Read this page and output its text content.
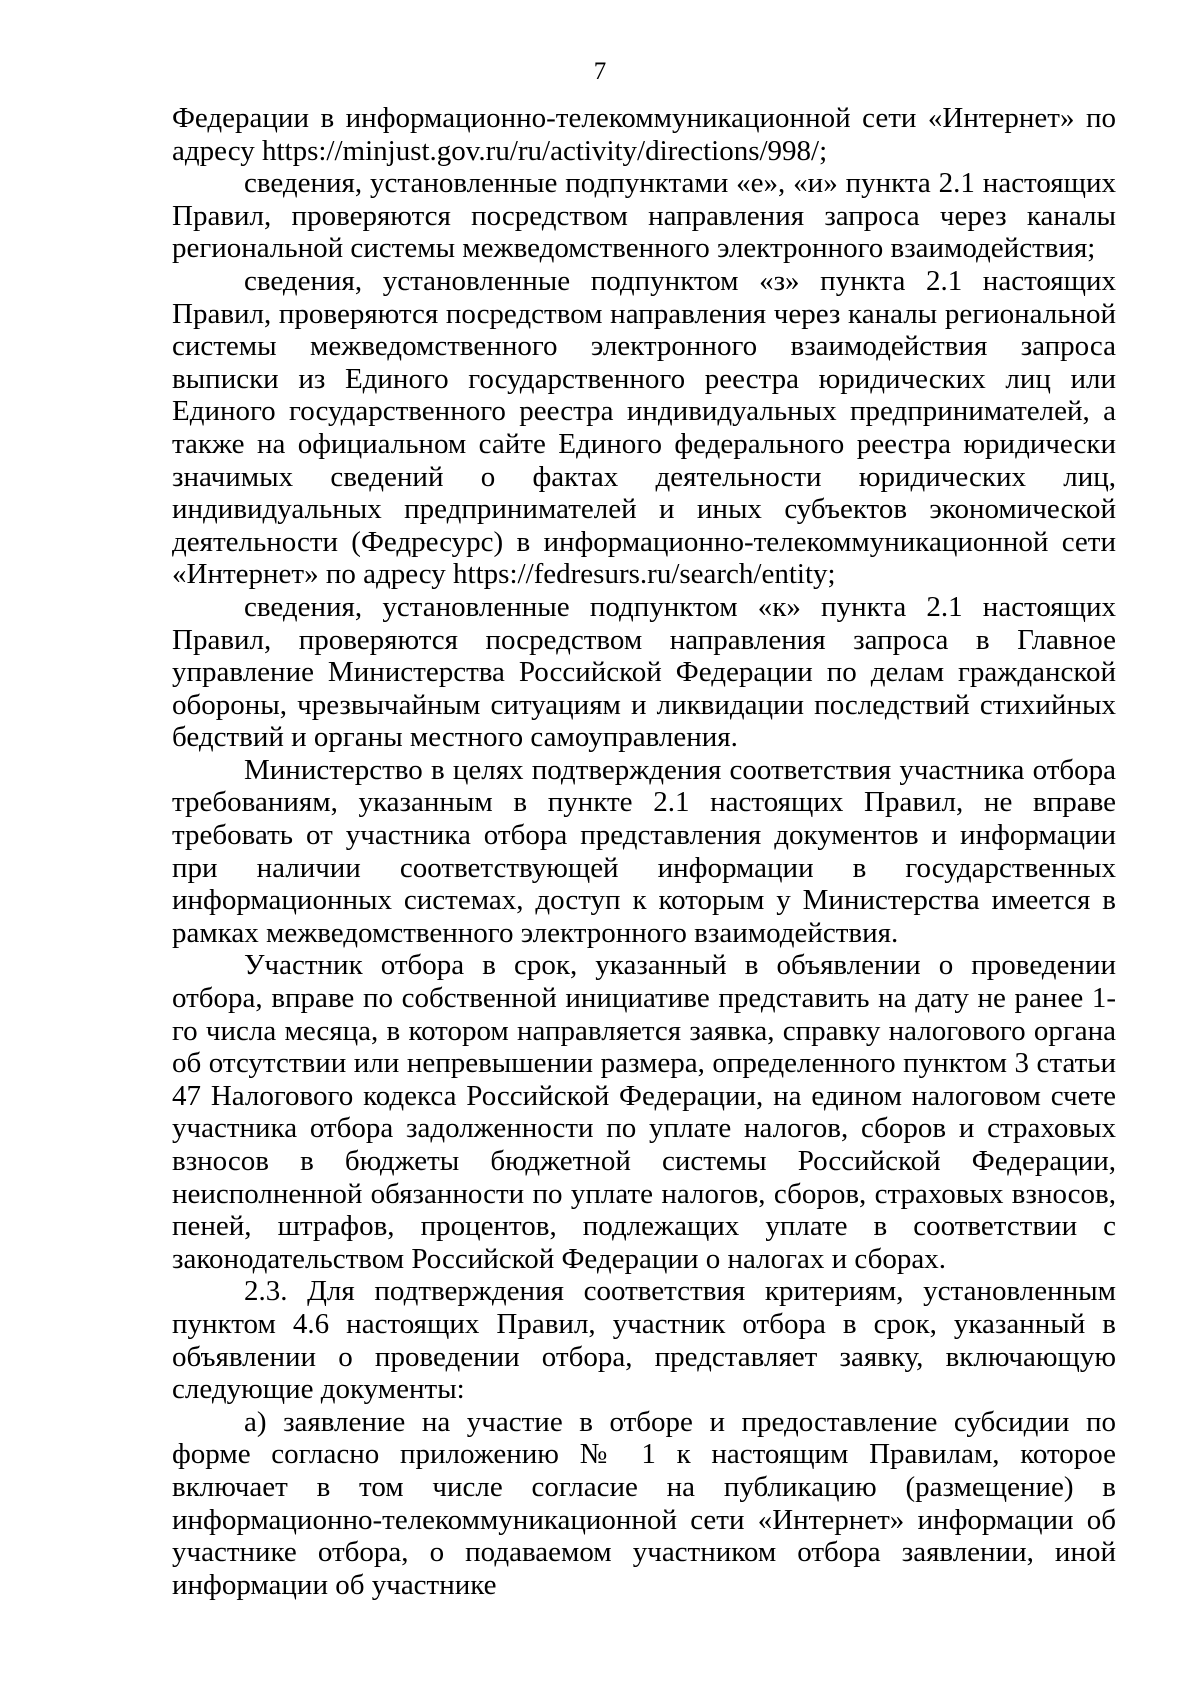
7

Федерации в информационно-телекоммуникационной сети «Интернет» по адресу https://minjust.gov.ru/ru/activity/directions/998/;

сведения, установленные подпунктами «е», «и» пункта 2.1 настоящих Правил, проверяются посредством направления запроса через каналы региональной системы межведомственного электронного взаимодействия;

сведения, установленные подпунктом «з» пункта 2.1 настоящих Правил, проверяются посредством направления через каналы региональной системы межведомственного электронного взаимодействия запроса выписки из Единого государственного реестра юридических лиц или Единого государственного реестра индивидуальных предпринимателей, а также на официальном сайте Единого федерального реестра юридически значимых сведений о фактах деятельности юридических лиц, индивидуальных предпринимателей и иных субъектов экономической деятельности (Федресурс) в информационно-телекоммуникационной сети «Интернет» по адресу https://fedresurs.ru/search/entity;

сведения, установленные подпунктом «к» пункта 2.1 настоящих Правил, проверяются посредством направления запроса в Главное управление Министерства Российской Федерации по делам гражданской обороны, чрезвычайным ситуациям и ликвидации последствий стихийных бедствий и органы местного самоуправления.

Министерство в целях подтверждения соответствия участника отбора требованиям, указанным в пункте 2.1 настоящих Правил, не вправе требовать от участника отбора представления документов и информации при наличии соответствующей информации в государственных информационных системах, доступ к которым у Министерства имеется в рамках межведомственного электронного взаимодействия.

Участник отбора в срок, указанный в объявлении о проведении отбора, вправе по собственной инициативе представить на дату не ранее 1-го числа месяца, в котором направляется заявка, справку налогового органа об отсутствии или непревышении размера, определенного пунктом 3 статьи 47 Налогового кодекса Российской Федерации, на едином налоговом счете участника отбора задолженности по уплате налогов, сборов и страховых взносов в бюджеты бюджетной системы Российской Федерации, неисполненной обязанности по уплате налогов, сборов, страховых взносов, пеней, штрафов, процентов, подлежащих уплате в соответствии с законодательством Российской Федерации о налогах и сборах.

2.3. Для подтверждения соответствия критериям, установленным пунктом 4.6 настоящих Правил, участник отбора в срок, указанный в объявлении о проведении отбора, представляет заявку, включающую следующие документы:

а) заявление на участие в отборе и предоставление субсидии по форме согласно приложению № 1 к настоящим Правилам, которое включает в том числе согласие на публикацию (размещение) в информационно-телекоммуникационной сети «Интернет» информации об участнике отбора, о подаваемом участником отбора заявлении, иной информации об участнике
